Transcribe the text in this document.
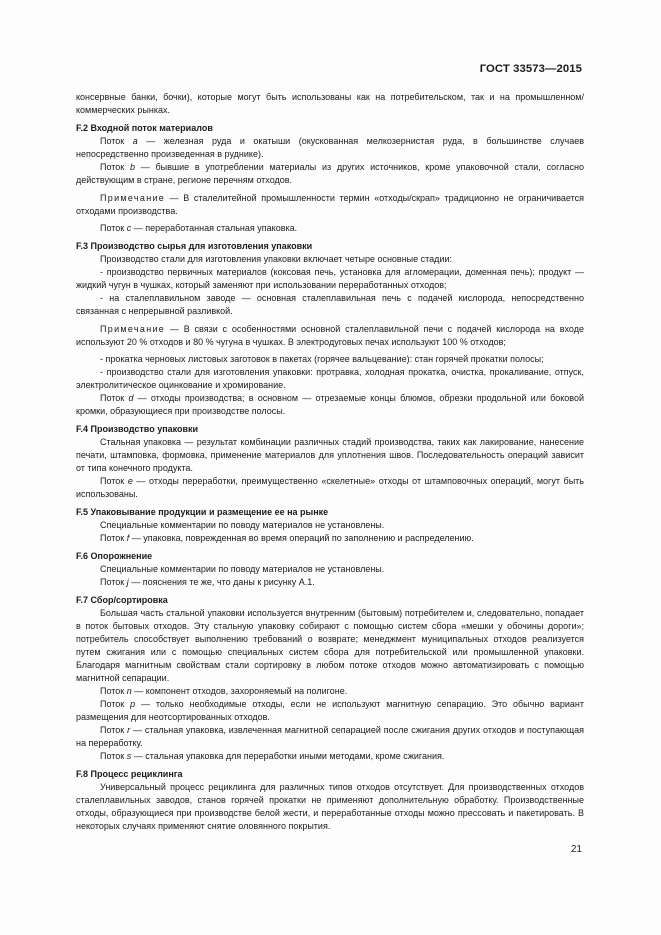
ГОСТ 33573—2015

консервные банки, бочки), которые могут быть использованы как на потребительском, так и на промышленном/коммерческих рынках.

F.2 Входной поток материалов

Поток a — железная руда и окатыши (окускованная мелкозернистая руда, в большинстве случаев непосредственно произведенная в руднике).

Поток b — бывшие в употреблении материалы из других источников, кроме упаковочной стали, согласно действующим в стране, регионе перечням отходов.

Примечание — В сталелитейной промышленности термин «отходы/скрап» традиционно не ограничивается отходами производства.

Поток c — переработанная стальная упаковка.

F.3 Производство сырья для изготовления упаковки

Производство стали для изготовления упаковки включает четыре основные стадии:

- производство первичных материалов (коксовая печь, установка для агломерации, доменная печь); продукт — жидкий чугун в чушках, который заменяют при использовании переработанных отходов;

- на сталеплавильном заводе — основная сталеплавильная печь с подачей кислорода, непосредственно связанная с непрерывной разливкой.

Примечание — В связи с особенностями основной сталеплавильной печи с подачей кислорода на входе используют 20 % отходов и 80 % чугуна в чушках. В электродуговых печах используют 100 % отходов;

- прокатка черновых листовых заготовок в пакетах (горячее вальцевание): стан горячей прокатки полосы;

- производство стали для изготовления упаковки: протравка, холодная прокатка, очистка, прокаливание, отпуск, электролитическое оцинкование и хромирование.

Поток d — отходы производства; в основном — отрезаемые концы блюмов, обрезки продольной или боковой кромки, образующиеся при производстве полосы.

F.4 Производство упаковки

Стальная упаковка — результат комбинации различных стадий производства, таких как лакирование, нанесение печати, штамповка, формовка, применение материалов для уплотнения швов. Последовательность операций зависит от типа конечного продукта.

Поток e — отходы переработки, преимущественно «скелетные» отходы от штамповочных операций, могут быть использованы.

F.5 Упаковывание продукции и размещение ее на рынке

Специальные комментарии по поводу материалов не установлены.

Поток f — упаковка, поврежденная во время операций по заполнению и распределению.

F.6 Опорожнение

Специальные комментарии по поводу материалов не установлены.

Поток j — пояснения те же, что даны к рисунку А.1.

F.7 Сбор/сортировка

Большая часть стальной упаковки используется внутренним (бытовым) потребителем и, следовательно, попадает в поток бытовых отходов. Эту стальную упаковку собирают с помощью систем сбора «мешки у обочины дороги»; потребитель способствует выполнению требований о возврате; менеджмент муниципальных отходов реализуется путем сжигания или с помощью специальных систем сбора для потребительской или промышленной упаковки. Благодаря магнитным свойствам стали сортировку в любом потоке отходов можно автоматизировать с помощью магнитной сепарации.

Поток n — компонент отходов, захороняемый на полигоне.

Поток p — только необходимые отходы, если не используют магнитную сепарацию. Это обычно вариант размещения для неотсортированных отходов.

Поток r — стальная упаковка, извлеченная магнитной сепарацией после сжигания других отходов и поступающая на переработку.

Поток s — стальная упаковка для переработки иными методами, кроме сжигания.

F.8 Процесс рециклинга

Универсальный процесс рециклинга для различных типов отходов отсутствует. Для производственных отходов сталеплавильных заводов, станов горячей прокатки не применяют дополнительную обработку. Производственные отходы, образующиеся при производстве белой жести, и переработанные отходы можно прессовать и пакетировать. В некоторых случаях применяют снятие оловянного покрытия.

21
